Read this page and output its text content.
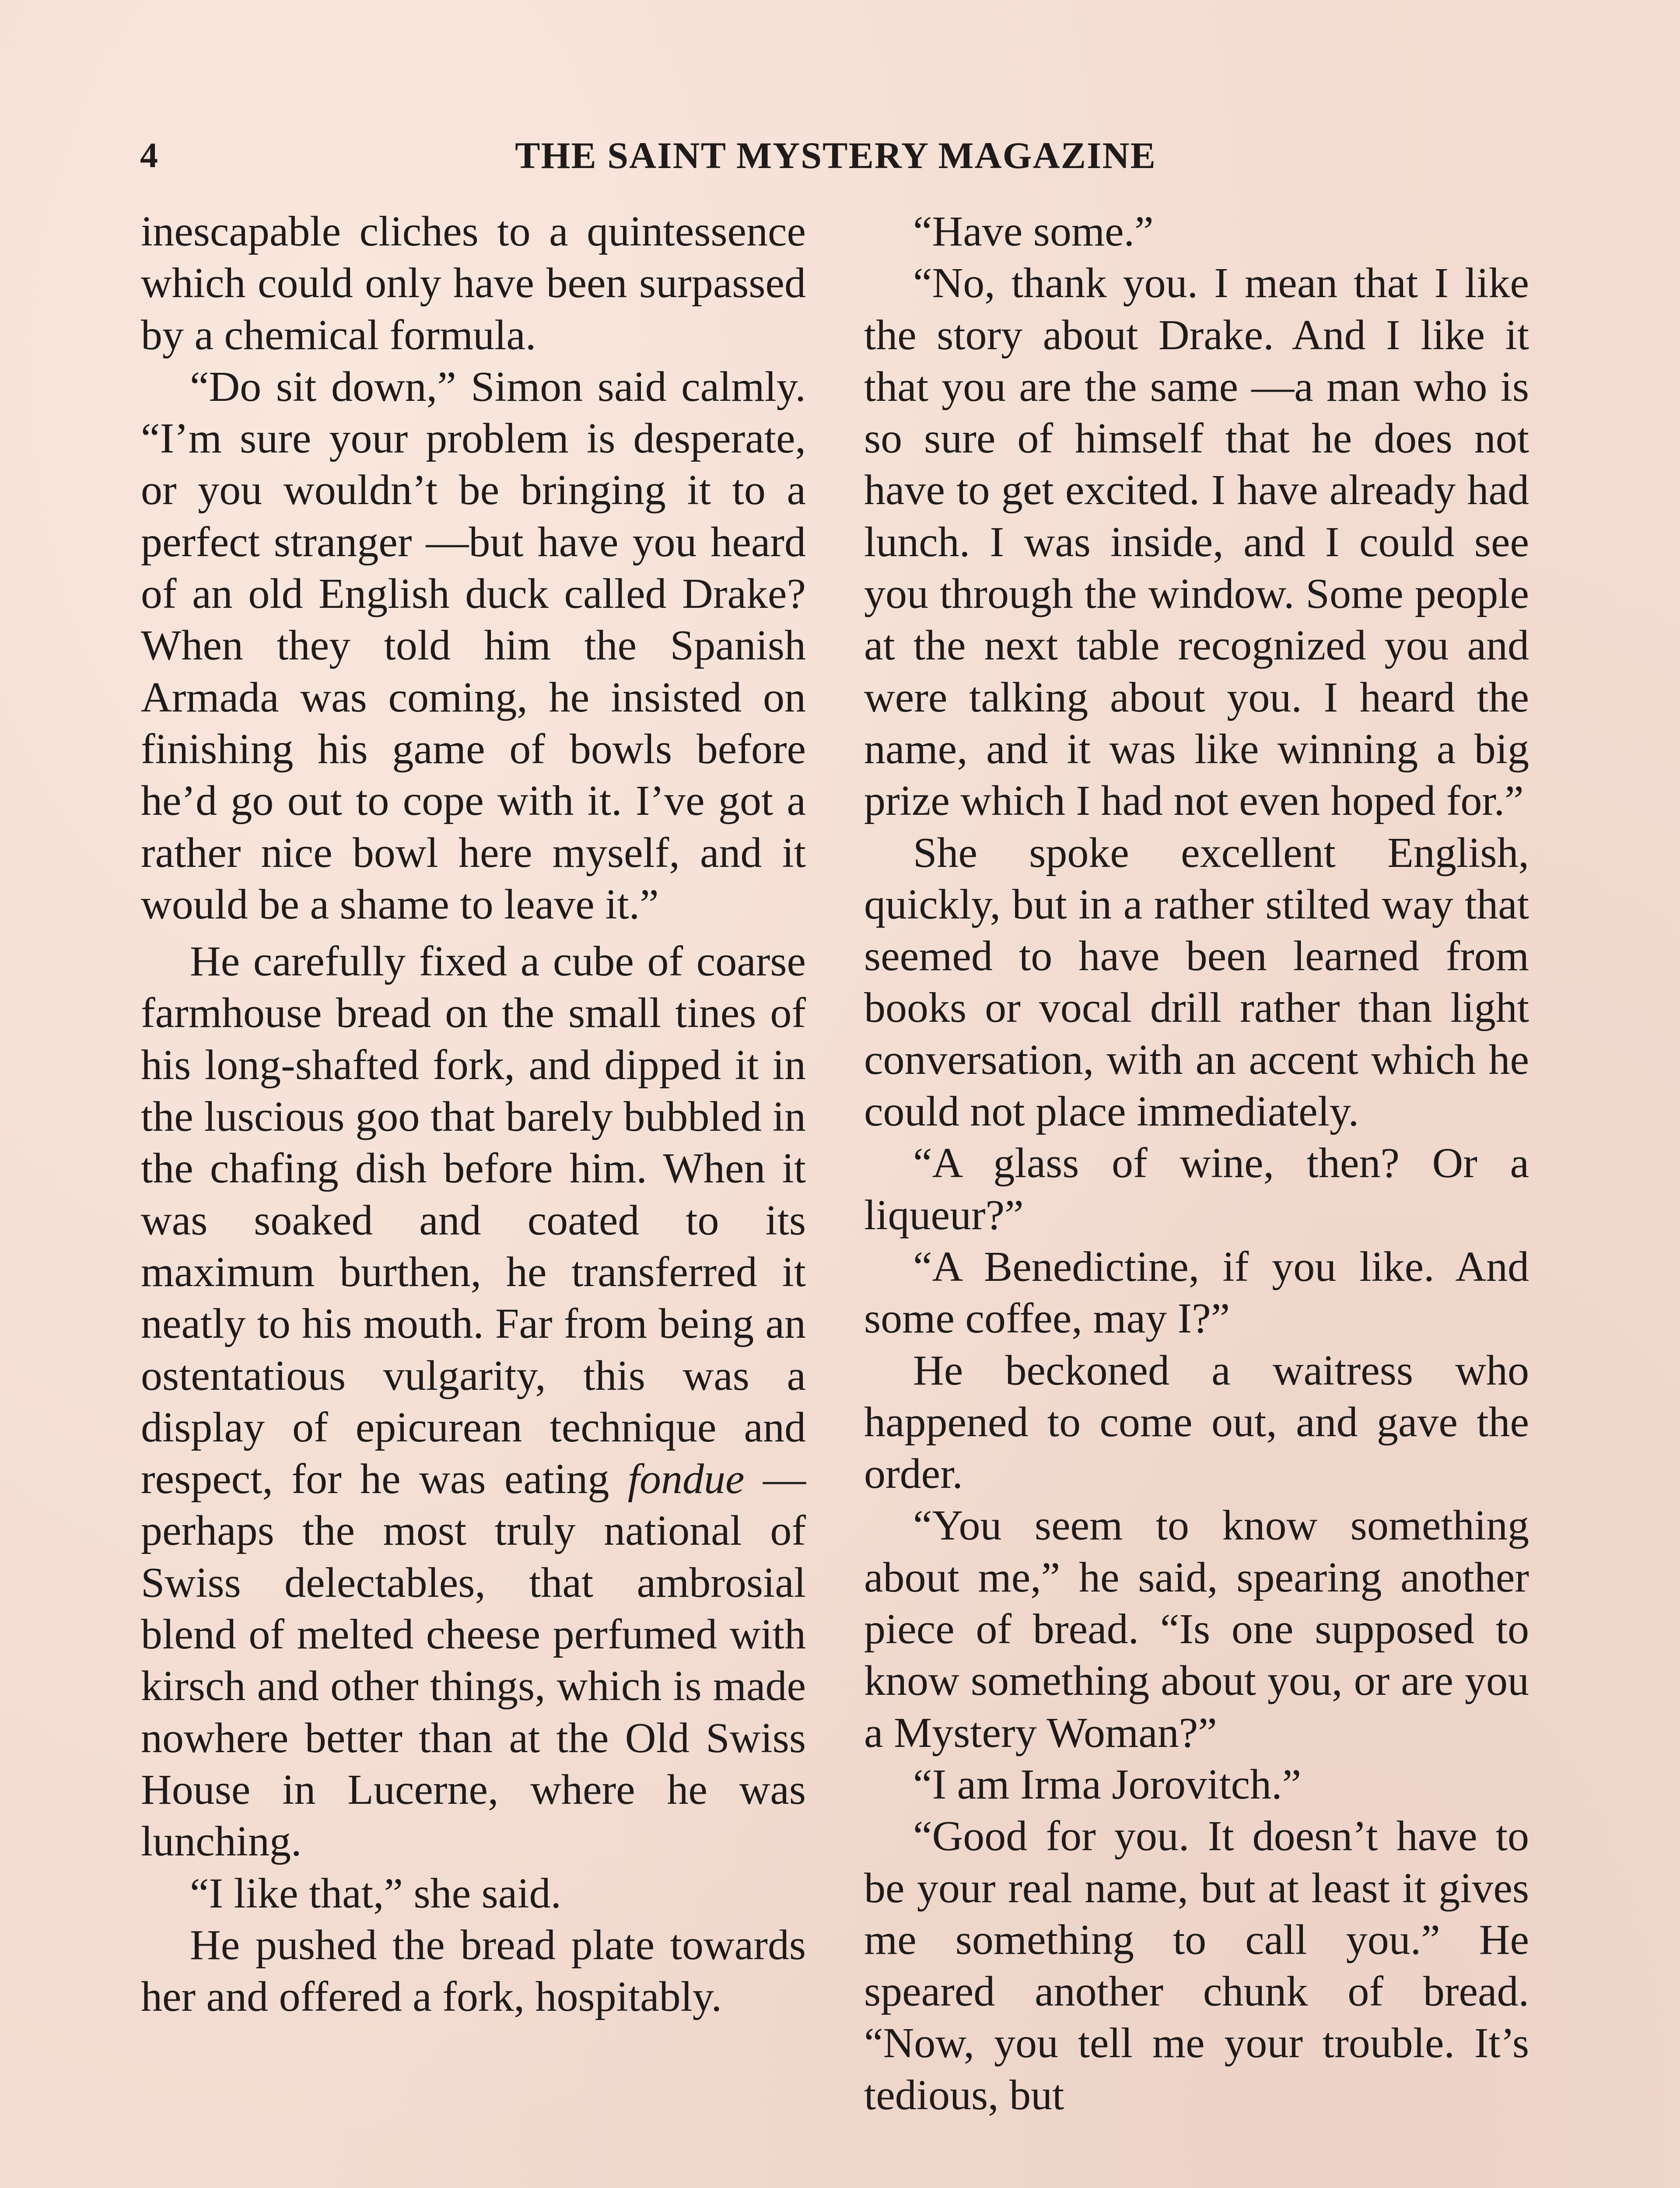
4	THE SAINT MYSTERY MAGAZINE

inescapable cliches to a quintessence which could only have been surpassed by a chemical formula.

“Do sit down,” Simon said calmly. “I’m sure your problem is desperate, or you wouldn’t be bringing it to a perfect stranger —but have you heard of an old English duck called Drake? When they told him the Spanish Armada was coming, he insisted on finishing his game of bowls before he’d go out to cope with it. I’ve got a rather nice bowl here myself, and it would be a shame to leave it.”

He carefully fixed a cube of coarse farmhouse bread on the small tines of his long-shafted fork, and dipped it in the luscious goo that barely bubbled in the chafing dish before him. When it was soaked and coated to its maximum burthen, he transferred it neatly to his mouth. Far from being an ostentatious vulgarity, this was a display of epicurean technique and respect, for he was eating fondue —perhaps the most truly national of Swiss delectables, that ambrosial blend of melted cheese perfumed with kirsch and other things, which is made nowhere better than at the Old Swiss House in Lucerne, where he was lunching.

“I like that,” she said.

He pushed the bread plate towards her and offered a fork, hospitably.

“Have some.”

“No, thank you. I mean that I like the story about Drake. And I like it that you are the same —a man who is so sure of himself that he does not have to get excited. I have already had lunch. I was inside, and I could see you through the window. Some people at the next table recognized you and were talking about you. I heard the name, and it was like winning a big prize which I had not even hoped for.”

She spoke excellent English, quickly, but in a rather stilted way that seemed to have been learned from books or vocal drill rather than light conversation, with an accent which he could not place immediately.

“A glass of wine, then? Or a liqueur?”

“A Benedictine, if you like. And some coffee, may I?”

He beckoned a waitress who happened to come out, and gave the order.

“You seem to know something about me,” he said, spearing another piece of bread. “Is one supposed to know something about you, or are you a Mystery Woman?”

“I am Irma Jorovitch.”

“Good for you. It doesn’t have to be your real name, but at least it gives me something to call you.” He speared another chunk of bread. “Now, you tell me your trouble. It’s tedious, but
